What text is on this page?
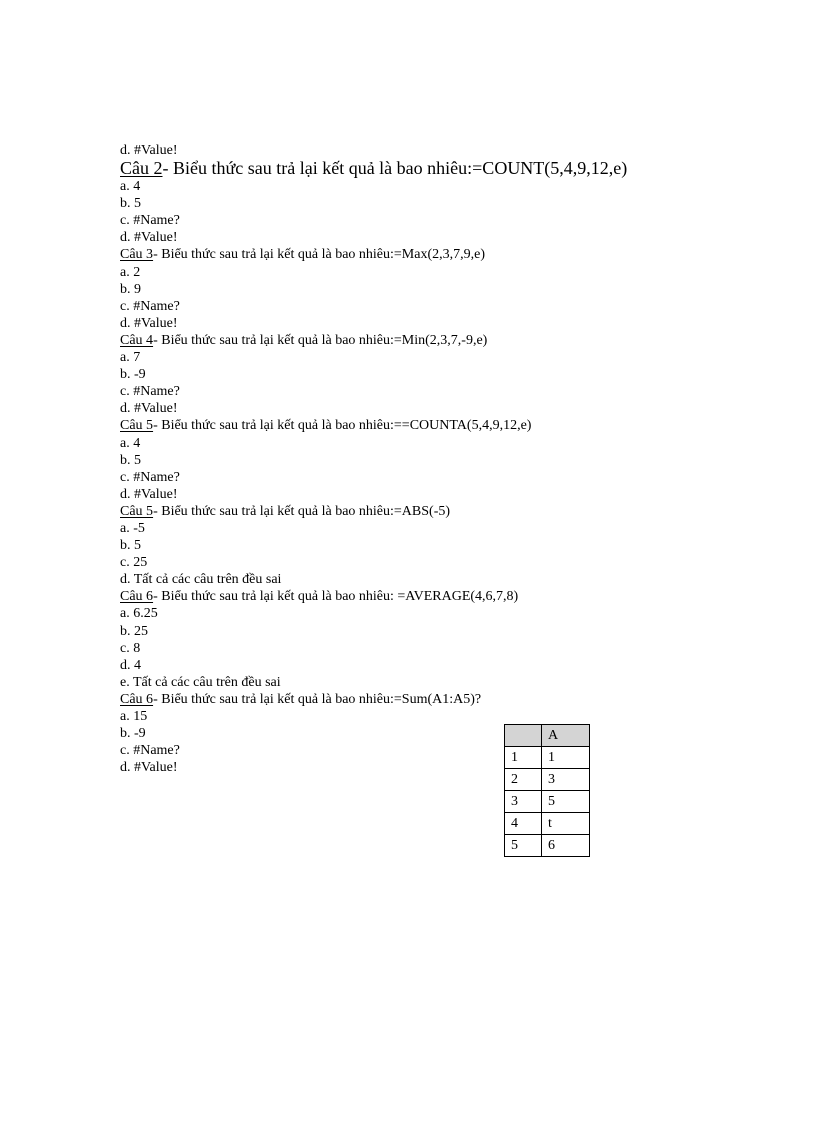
d. #Value!
Câu 2- Biểu thức sau trả lại kết quả là bao nhiêu:=COUNT(5,4,9,12,e)
a. 4
b. 5
c. #Name?
d. #Value!
Câu 3- Biểu thức sau trả lại kết quả là bao nhiêu:=Max(2,3,7,9,e)
a. 2
b. 9
c. #Name?
d. #Value!
Câu 4- Biểu thức sau trả lại kết quả là bao nhiêu:=Min(2,3,7,-9,e)
a. 7
b. -9
c. #Name?
d. #Value!
Câu 5- Biểu thức sau trả lại kết quả là bao nhiêu:==COUNTA(5,4,9,12,e)
a. 4
b. 5
c. #Name?
d. #Value!
Câu 5- Biểu thức sau trả lại kết quả là bao nhiêu:=ABS(-5)
a. -5
b. 5
c. 25
d. Tất cả các câu trên đều sai
Câu 6- Biểu thức sau trả lại kết quả là bao nhiêu: =AVERAGE(4,6,7,8)
a. 6.25
b. 25
c. 8
d. 4
e. Tất cả các câu trên đều sai
Câu 6- Biểu thức sau trả lại kết quả là bao nhiêu:=Sum(A1:A5)?
a. 15
b. -9
c. #Name?
d. #Value!
	A
1	1
2	3
3	5
4	t
5	6
